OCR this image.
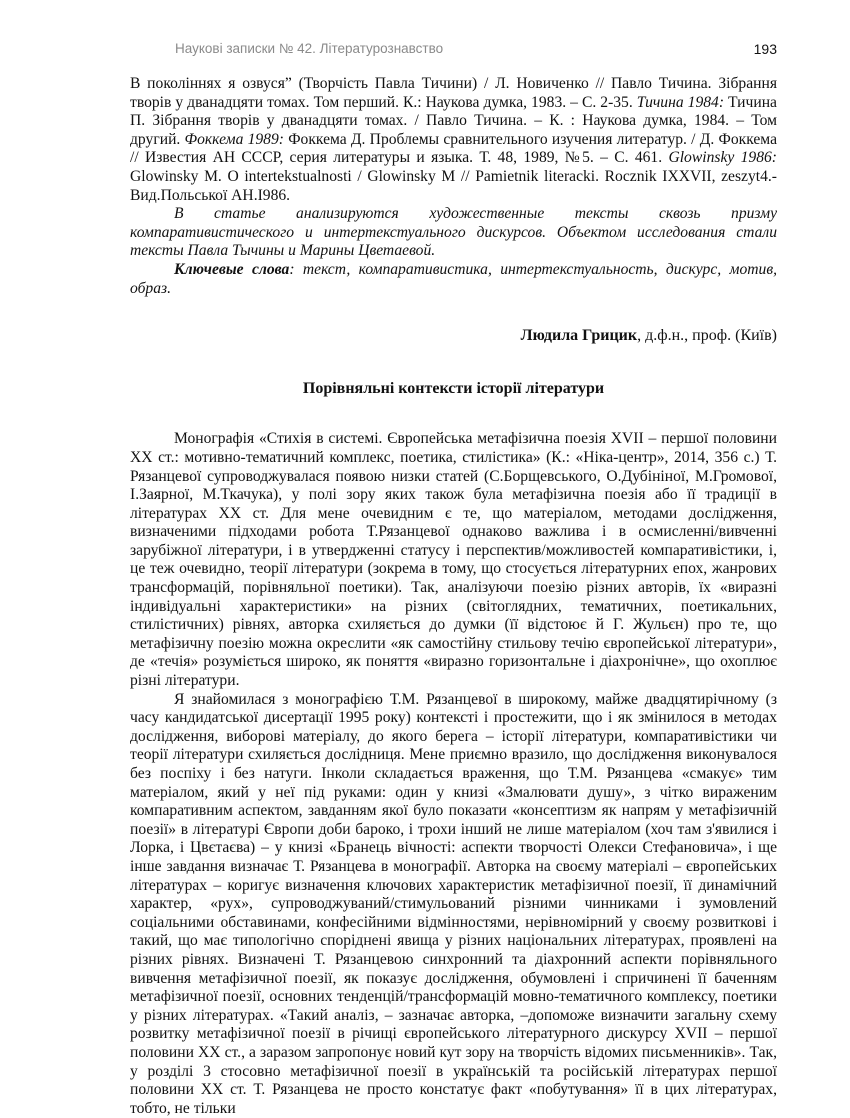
Наукові записки № 42. Літературознавство	193

В поколіннях я озвуся” (Творчість Павла Тичини) / Л. Новиченко // Павло Тичина. Зібрання творів у дванадцяти томах. Том перший. К.: Наукова думка, 1983. – С. 2-35. Тичина 1984: Тичина П. Зібрання творів у дванадцяти томах. / Павло Тичина. – К. : Наукова думка, 1984. – Том другий. Фоккема 1989: Фоккема Д. Проблемы сравнительного изучения литератур. / Д. Фоккема // Известия АН СССР, серия литературы и языка. Т. 48, 1989, №5. – С. 461. Glowinsky 1986: Glowinsky M. O intertekstualnosti / Glowinsky M // Pamietnik literacki. Rocznik IXXVII, zeszyt4.-Вид.Польської АН.І986.

В статье анализируются художественные тексты сквозь призму компаративистического и интертекстуального дискурсов. Объектом исследования стали тексты Павла Тычины и Марины Цветаевой.

Ключевые слова: текст, компаративистика, интертекстуальность, дискурс, мотив, образ.

Людила Грицик, д.ф.н., проф. (Київ)

Порівняльні контексти історії літератури

Монографія «Стихія в системі. Європейська метафізична поезія XVII – першої половини ХХ ст.: мотивно-тематичний комплекс, поетика, стилістика» (К.: «Ніка-центр», 2014, 356 с.) Т. Рязанцевої супроводжувалася появою низки статей (С.Борщевського, О.Дубініної, М.Громової, І.Заярної, М.Ткачука), у полі зору яких також була метафізична поезія або її традиції в літературах ХХ ст. Для мене очевидним є те, що матеріалом, методами дослідження, визначеними підходами робота Т.Рязанцевої однаково важлива і в осмисленні/вивченні зарубіжної літератури, і в утвердженні статусу і перспектив/можливостей компаративістики, і, це теж очевидно, теорії літератури (зокрема в тому, що стосується літературних епох, жанрових трансформацій, порівняльної поетики). Так, аналізуючи поезію різних авторів, їх «виразні індивідуальні характеристики» на різних (світоглядних, тематичних, поетикальних, стилістичних) рівнях, авторка схиляється до думки (її відстоює й Г. Жульєн) про те, що метафізичну поезію можна окреслити «як самостійну стильову течію європейської літератури», де «течія» розуміється широко, як поняття «виразно горизонтальне і діахронічне», що охоплює різні літератури.

Я знайомилася з монографією Т.М. Рязанцевої в широкому, майже двадцятирічному (з часу кандидатської дисертації 1995 року) контексті і простежити, що і як змінилося в методах дослідження, виборові матеріалу, до якого берега – історії літератури, компаративістики чи теорії літератури схиляється дослідниця. Мене приємно вразило, що дослідження виконувалося без поспіху і без натуги. Інколи складається враження, що Т.М. Рязанцева «смакує» тим матеріалом, який у неї під руками: один у книзі «Змалювати душу», з чітко вираженим компаративним аспектом, завданням якої було показати «консептизм як напрям у метафізичній поезії» в літературі Європи доби бароко, і трохи інший не лише матеріалом (хоч там з'явилися і Лорка, і Цвєтаєва) – у книзі «Бранець вічності: аспекти творчості Олекси Стефановича», і ще інше завдання визначає Т. Рязанцева в монографії. Авторка на своєму матеріалі – європейських літературах – коригує визначення ключових характеристик метафізичної поезії, її динамічний характер, «рух», супроводжуваний/стимульований різними чинниками і зумовлений соціальними обставинами, конфесійними відмінностями, нерівномірний у своєму розвиткові і такий, що має типологічно споріднені явища у різних національних літературах, проявлені на різних рівнях. Визначені Т. Рязанцевою синхронний та діахронний аспекти порівняльного вивчення метафізичної поезії, як показує дослідження, обумовлені і спричинені її баченням метафізичної поезії, основних тенденцій/трансформацій мовно-тематичного комплексу, поетики у різних літературах. «Такий аналіз, – зазначає авторка, –допоможе визначити загальну схему розвитку метафізичної поезії в річищі європейського літературного дискурсу XVII – першої половини ХХ ст., а заразом запропонує новий кут зору на творчість відомих письменників». Так, у розділі 3 стосовно метафізичної поезії в українській та російській літературах першої половини ХХ ст. Т. Рязанцева не просто констатує факт «побутування» її в цих літературах, тобто, не тільки
